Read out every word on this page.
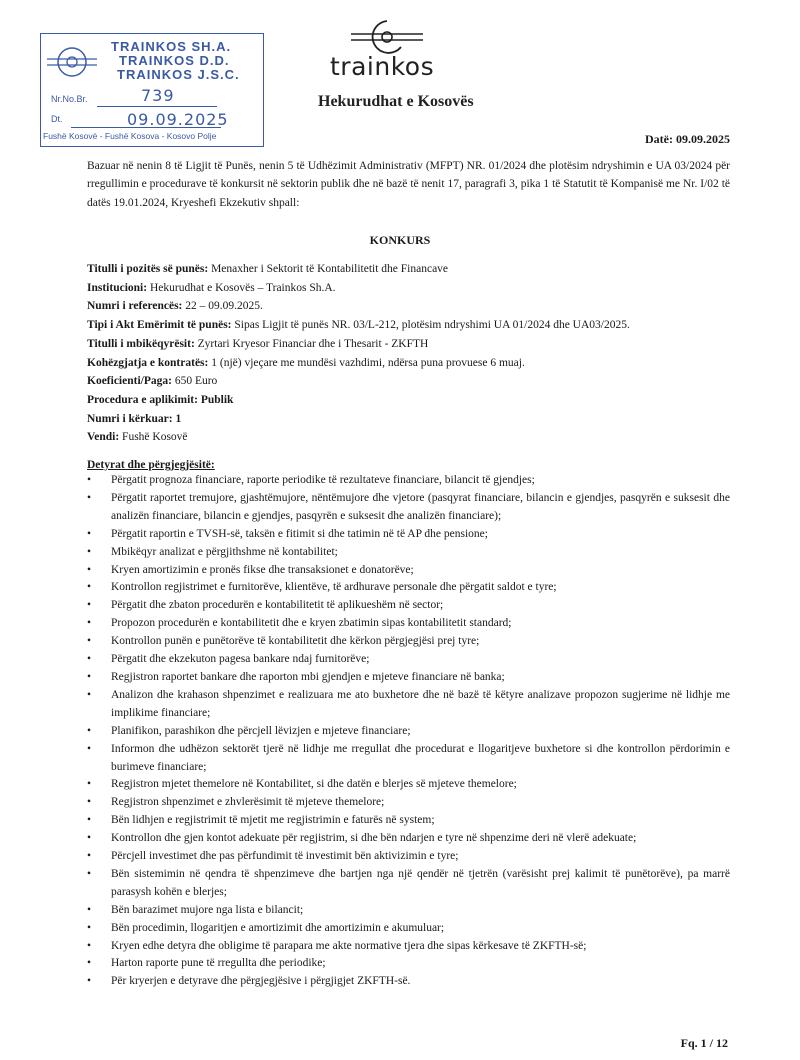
TRAINKOS SH.A.
TRAINKOS D.D.
TRAINKOS J.S.C.
Nr.No.Br.	739
Dt.	09.09.2025
Fushë Kosovë - Fushë Kosova - Kosovo Polje
trainkos
Hekurudhat e Kosovës
Datë: 09.09.2025
Bazuar në nenin 8 të Ligjit të Punës, nenin 5 të Udhëzimit Administrativ (MFPT) NR. 01/2024 dhe plotësim ndryshimin e UA 03/2024 për rregullimin e procedurave të konkursit në sektorin publik dhe në bazë të nenit 17, paragrafi 3, pika 1 të Statutit të Kompanisë me Nr. I/02 të datës 19.01.2024, Kryeshefi Ekzekutiv shpall:
KONKURS
Titulli i pozitës së punës: Menaxher i Sektorit të Kontabilitetit dhe Financave
Institucioni: Hekurudhat e Kosovës – Trainkos Sh.A.
Numri i referencës: 22 – 09.09.2025.
Tipi i Akt Emërimit të punës: Sipas Ligjit të punës NR. 03/L-212, plotësim ndryshimi UA 01/2024 dhe UA03/2025.
Titulli i mbikëqyrësit: Zyrtari Kryesor Financiar dhe i Thesarit - ZKFTH
Kohëzgjatja e kontratës: 1 (një) vjeçare me mundësi vazhdimi, ndërsa puna provuese 6 muaj.
Koeficienti/Paga: 650 Euro
Procedura e aplikimit: Publik
Numri i kërkuar: 1
Vendi: Fushë Kosovë
Detyrat dhe përgjegjësitë:
• Përgatit prognoza financiare, raporte periodike të rezultateve financiare, bilancit të gjendjes;
• Përgatit raportet tremujore, gjashtëmujore, nëntëmujore dhe vjetore (pasqyrat financiare, bilancin e gjendjes, pasqyrën e suksesit dhe analizën financiare, bilancin e gjendjes, pasqyrën e suksesit dhe analizën financiare);
• Përgatit raportin e TVSH-së, taksën e fitimit si dhe tatimin në të AP dhe pensione;
• Mbikëqyr analizat e përgjithshme në kontabilitet;
• Kryen amortizimin e pronës fikse dhe transaksionet e donatorëve;
• Kontrollon regjistrimet e furnitorëve, klientëve, të ardhurave personale dhe përgatit saldot e tyre;
• Përgatit dhe zbaton procedurën e kontabilitetit të aplikueshëm në sector;
• Propozon procedurën e kontabilitetit dhe e kryen zbatimin sipas kontabilitetit standard;
• Kontrollon punën e punëtorëve të kontabilitetit dhe kërkon përgjegjësi prej tyre;
• Përgatit dhe ekzekuton pagesa bankare ndaj furnitorëve;
• Regjistron raportet bankare dhe raporton mbi gjendjen e mjeteve financiare në banka;
• Analizon dhe krahason shpenzimet e realizuara me ato buxhetore dhe në bazë të këtyre analizave propozon sugjerime në lidhje me implikime financiare;
• Planifikon, parashikon dhe përcjell lëvizjen e mjeteve financiare;
• Informon dhe udhëzon sektorët tjerë në lidhje me rregullat dhe procedurat e llogaritjeve buxhetore si dhe kontrollon përdorimin e burimeve financiare;
• Regjistron mjetet themelore në Kontabilitet, si dhe datën e blerjes së mjeteve themelore;
• Regjistron shpenzimet e zhvlerësimit të mjeteve themelore;
• Bën lidhjen e regjistrimit të mjetit me regjistrimin e faturës në system;
• Kontrollon dhe gjen kontot adekuate për regjistrim, si dhe bën ndarjen e tyre në shpenzime deri në vlerë adekuate;
• Përcjell investimet dhe pas përfundimit të investimit bën aktivizimin e tyre;
• Bën sistemimin në qendra të shpenzimeve dhe bartjen nga një qendër në tjetrën (varësisht prej kalimit të punëtorëve), pa marrë parasysh kohën e blerjes;
• Bën barazimet mujore nga lista e bilancit;
• Bën procedimin, llogaritjen e amortizimit dhe amortizimin e akumuluar;
• Kryen edhe detyra dhe obligime të parapara me akte normative tjera dhe sipas kërkesave të ZKFTH-së;
• Harton raporte pune të rregullta dhe periodike;
• Për kryerjen e detyrave dhe përgjegjësive i përgjigjet ZKFTH-së.
Fq. 1 / 12
